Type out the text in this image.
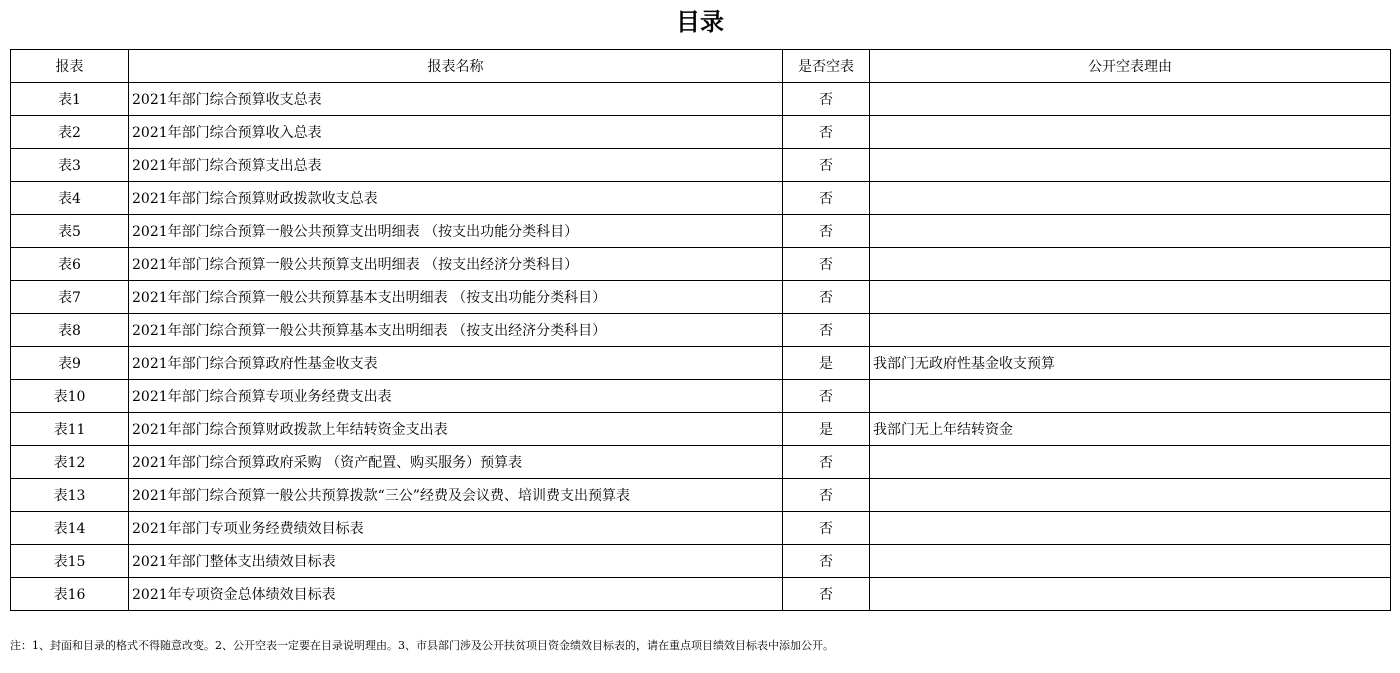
目录
报表	报表名称	是否空表	公开空表理由
表1	2021年部门综合预算收支总表	否	
表2	2021年部门综合预算收入总表	否	
表3	2021年部门综合预算支出总表	否	
表4	2021年部门综合预算财政拨款收支总表	否	
表5	2021年部门综合预算一般公共预算支出明细表 （按支出功能分类科目）	否	
表6	2021年部门综合预算一般公共预算支出明细表 （按支出经济分类科目）	否	
表7	2021年部门综合预算一般公共预算基本支出明细表 （按支出功能分类科目）	否	
表8	2021年部门综合预算一般公共预算基本支出明细表 （按支出经济分类科目）	否	
表9	2021年部门综合预算政府性基金收支表	是	我部门无政府性基金收支预算
表10	2021年部门综合预算专项业务经费支出表	否	
表11	2021年部门综合预算财政拨款上年结转资金支出表	是	我部门无上年结转资金
表12	2021年部门综合预算政府采购 （资产配置、购买服务）预算表	否	
表13	2021年部门综合预算一般公共预算拨款“三公”经费及会议费、培训费支出预算表	否	
表14	2021年部门专项业务经费绩效目标表	否	
表15	2021年部门整体支出绩效目标表	否	
表16	2021年专项资金总体绩效目标表	否	
注：1、封面和目录的格式不得随意改变。2、公开空表一定要在目录说明理由。3、市县部门涉及公开扶贫项目资金绩效目标表的，请在重点项目绩效目标表中添加公开。
